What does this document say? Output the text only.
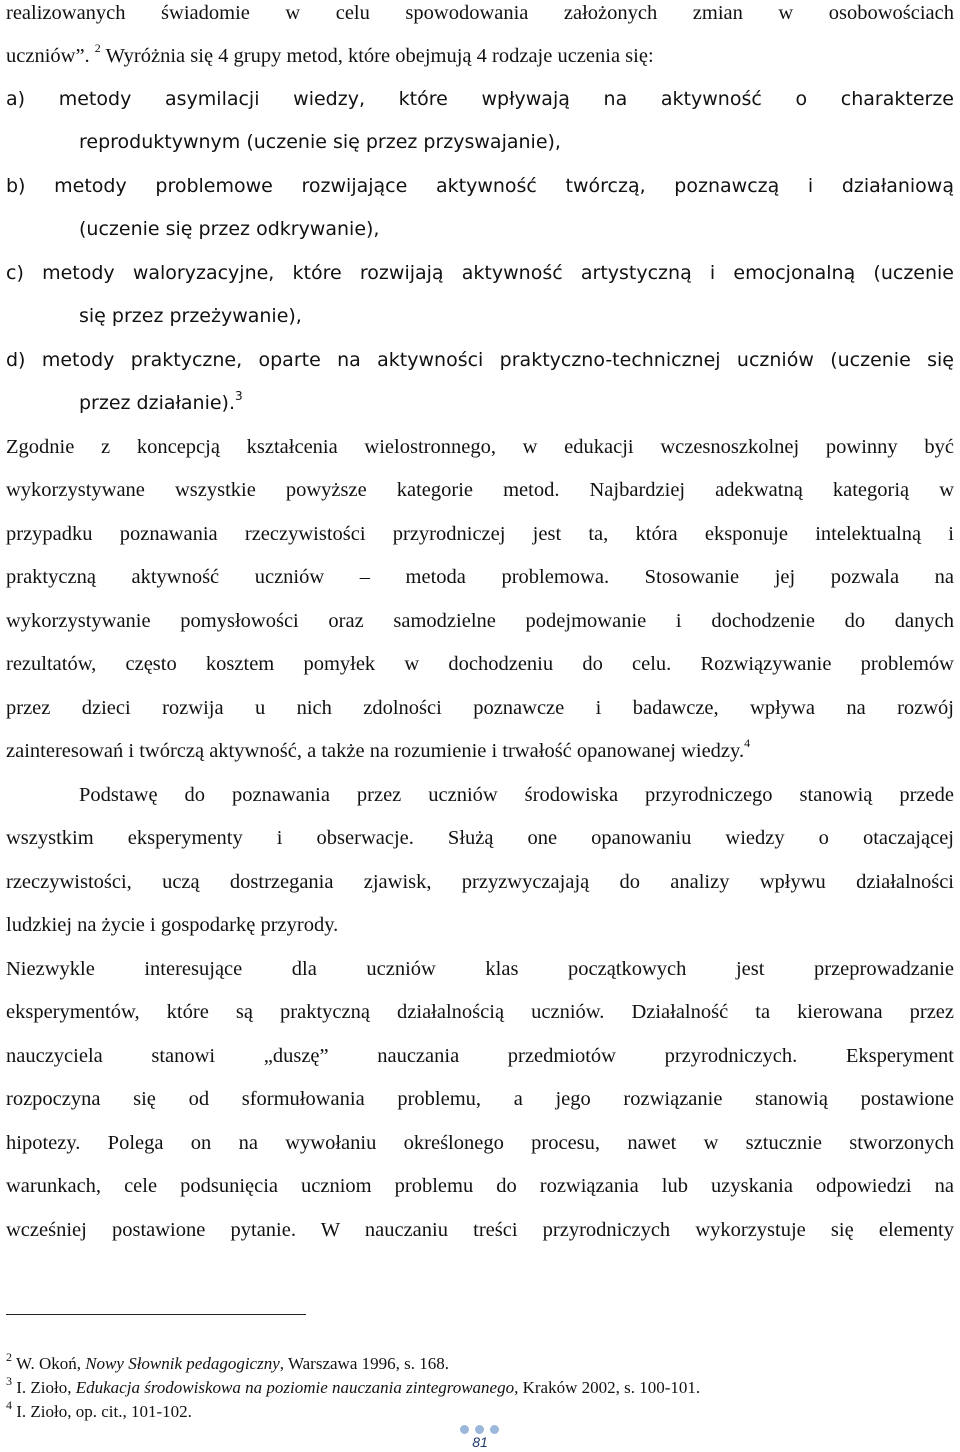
realizowanych świadomie w celu spowodowania założonych zmian w osobowościach
uczniów”. $^2$ Wyróżnia się 4 grupy metod, które obejmują 4 rodzaje uczenia się:
a) metody asymilacji wiedzy, które wpływają na aktywność o charakterze
reproduktywnym (uczenie się przez przyswajanie),
b) metody problemowe rozwijające aktywność twórczą, poznawczą i działaniową
(uczenie się przez odkrywanie),
c) metody waloryzacyjne, które rozwijają aktywność artystyczną i emocjonalną (uczenie
się przez przeżywanie),
d) metody praktyczne, oparte na aktywności praktyczno-technicznej uczniów (uczenie się
przez działanie).$^3$
Zgodnie z koncepcją kształcenia wielostronnego, w edukacji wczesnoszkolnej powinny być
wykorzystywane wszystkie powyższe kategorie metod. Najbardziej adekwatną kategorią w
przypadku poznawania rzeczywistości przyrodniczej jest ta, która eksponuje intelektualną i
praktyczną aktywność uczniów – metoda problemowa. Stosowanie jej pozwala na
wykorzystywanie pomysłowości oraz samodzielne podejmowanie i dochodzenie do danych
rezultatów, często kosztem pomyłek w dochodzeniu do celu. Rozwiązywanie problemów
przez dzieci rozwija u nich zdolności poznawcze i badawcze, wpływa na rozwój
zainteresowań i twórczą aktywność, a także na rozumienie i trwałość opanowanej wiedzy.$^4$
Podstawę do poznawania przez uczniów środowiska przyrodniczego stanowią przede
wszystkim eksperymenty i obserwacje. Służą one opanowaniu wiedzy o otaczającej
rzeczywistości, uczą dostrzegania zjawisk, przyzwyczajają do analizy wpływu działalności
ludzkiej na życie i gospodarkę przyrody.
Niezwykle interesujące dla uczniów klas początkowych jest przeprowadzanie
eksperymentów, które są praktyczną działalnością uczniów. Działalność ta kierowana przez
nauczyciela stanowi „duszę” nauczania przedmiotów przyrodniczych. Eksperyment
rozpoczyna się od sformułowania problemu, a jego rozwiązanie stanowią postawione
hipotezy. Polega on na wywołaniu określonego procesu, nawet w sztucznie stworzonych
warunkach, cele podsunięcia uczniom problemu do rozwiązania lub uzyskania odpowiedzi na
wcześniej postawione pytanie. W nauczaniu treści przyrodniczych wykorzystuje się elementy
$^2$ W. Okoń, Nowy Słownik pedagogiczny, Warszawa 1996, s. 168.
$^3$ I. Zioło, Edukacja środowiskowa na poziomie nauczania zintegrowanego, Kraków 2002, s. 100-101.
$^4$ I. Zioło, op. cit., 101-102.
81
